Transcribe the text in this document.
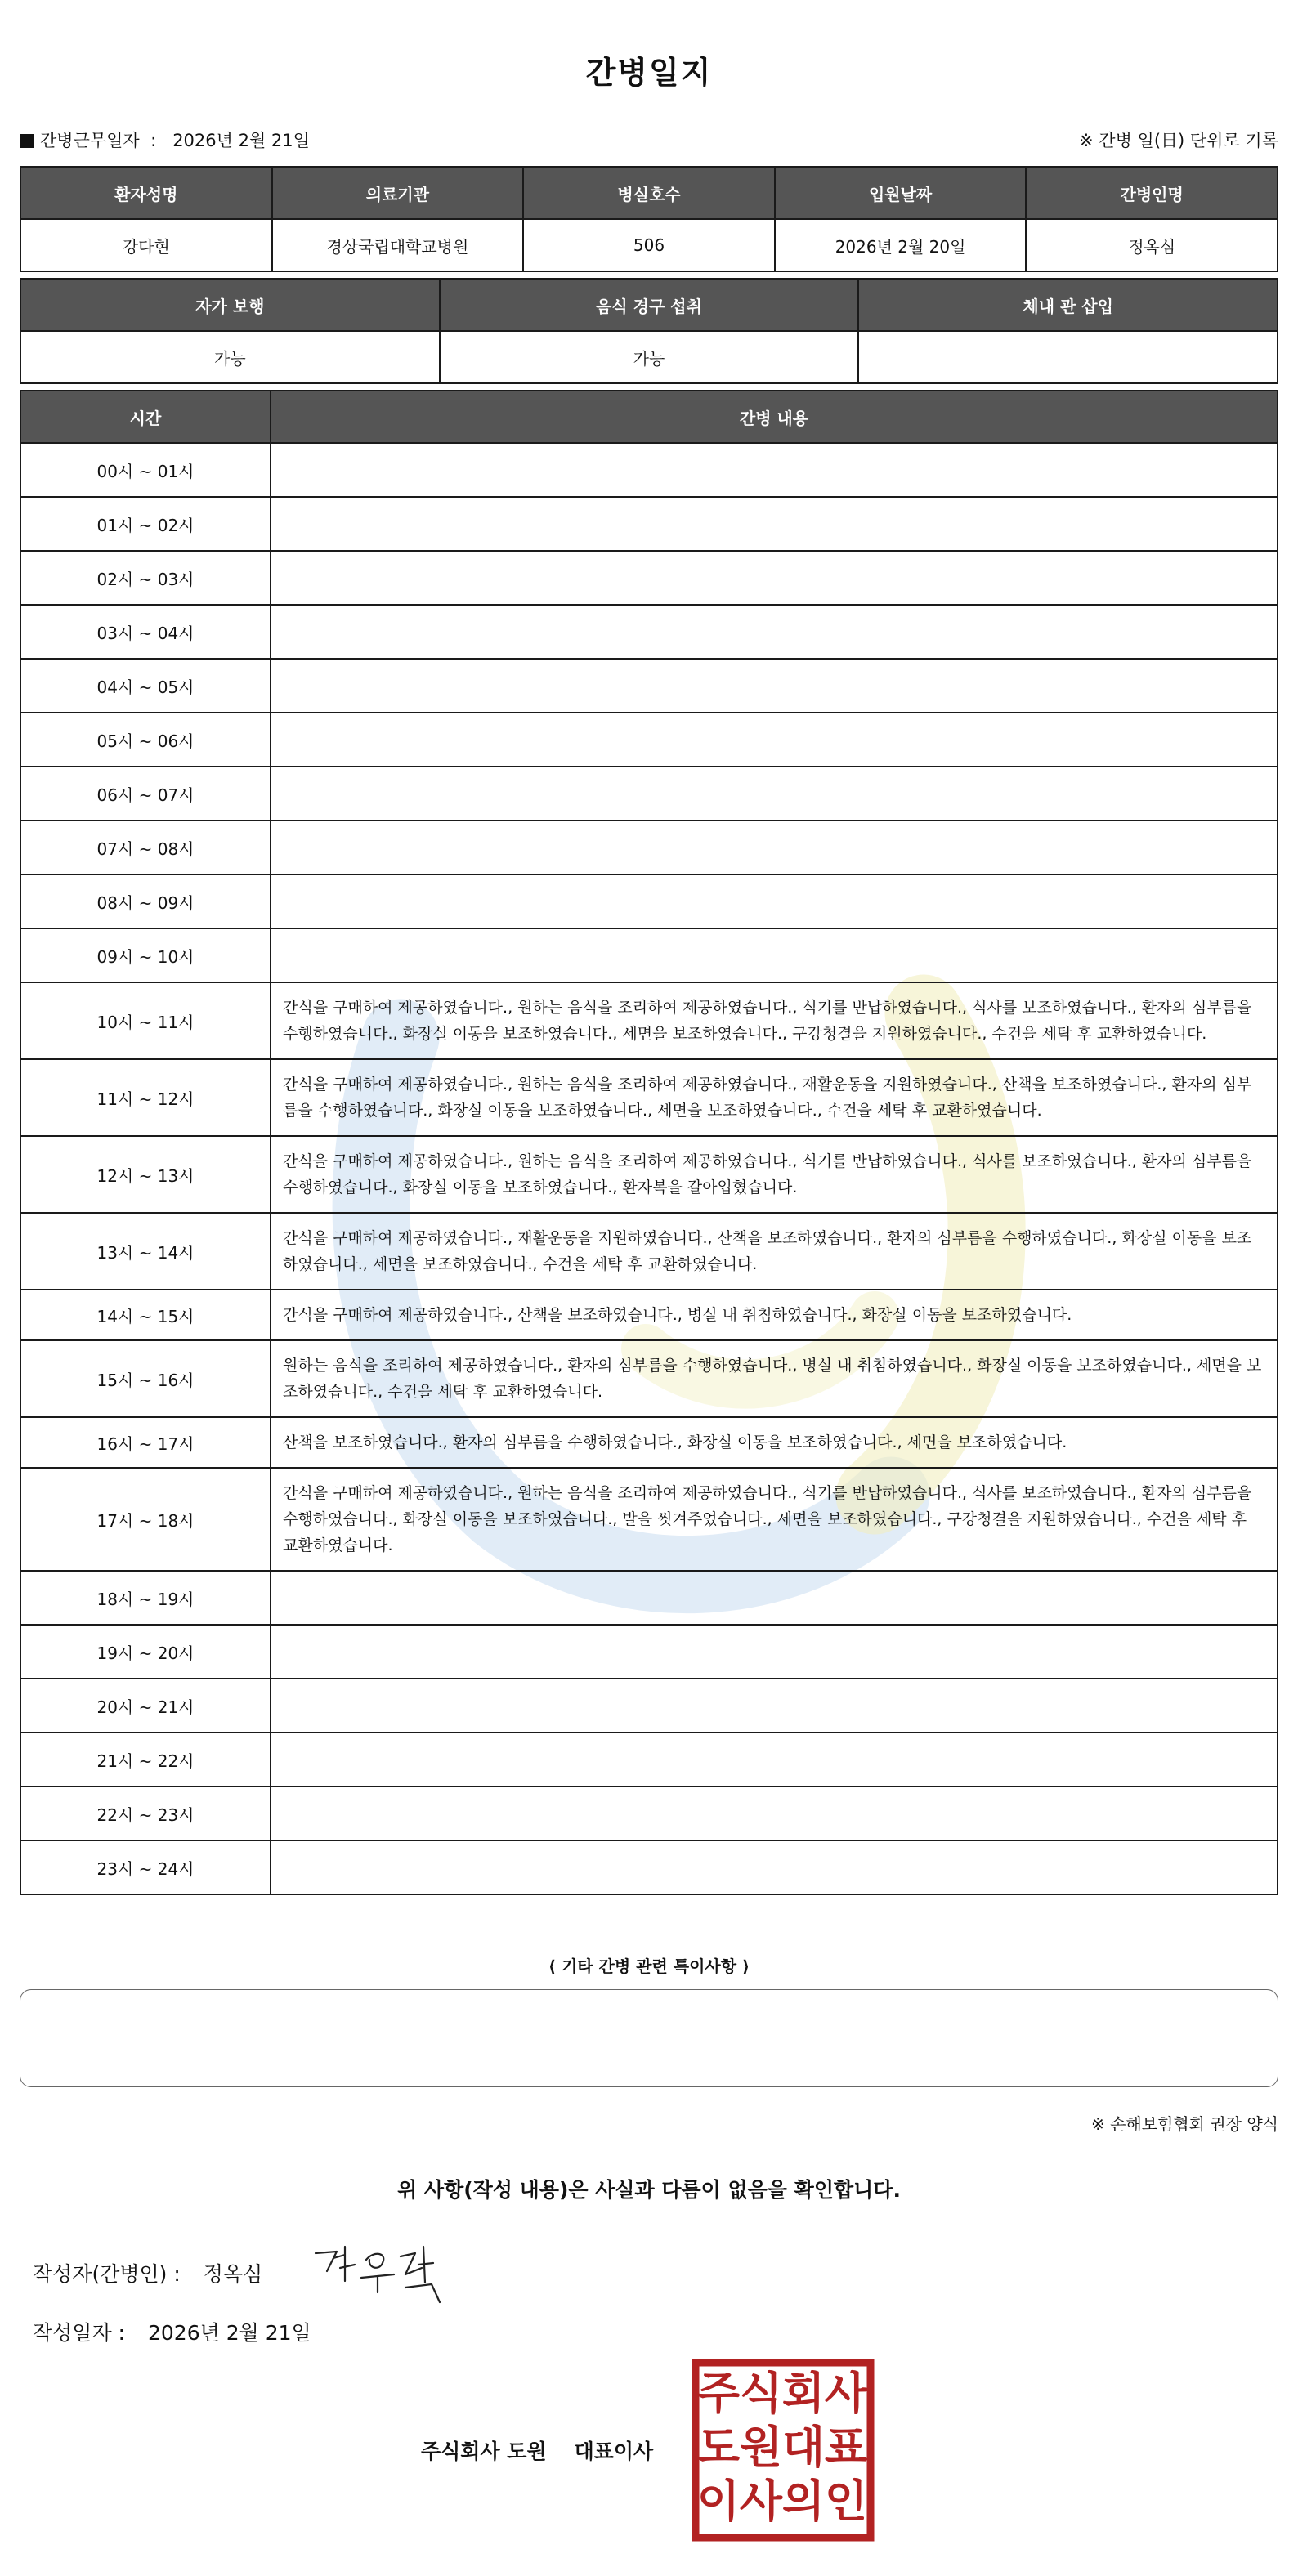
간병일지
간병근무일자 : 2026년 2월 21일	※ 간병 일(日) 단위로 기록
환자성명	의료기관	병실호수	입원날짜	간병인명
강다현	경상국립대학교병원	506	2026년 2월 20일	정옥심
자가 보행	음식 경구 섭취	체내 관 삽입
가능	가능	
시간	간병 내용
00시 ~ 01시	
01시 ~ 02시	
02시 ~ 03시	
03시 ~ 04시	
04시 ~ 05시	
05시 ~ 06시	
06시 ~ 07시	
07시 ~ 08시	
08시 ~ 09시	
09시 ~ 10시	
10시 ~ 11시	간식을 구매하여 제공하였습니다., 원하는 음식을 조리하여 제공하였습니다., 식기를 반납하였습니다., 식사를 보조하였습니다., 환자의 심부름을 수행하였습니다., 화장실 이동을 보조하였습니다., 세면을 보조하였습니다., 구강청결을 지원하였습니다., 수건을 세탁 후 교환하였습니다.
11시 ~ 12시	간식을 구매하여 제공하였습니다., 원하는 음식을 조리하여 제공하였습니다., 재활운동을 지원하였습니다., 산책을 보조하였습니다., 환자의 심부름을 수행하였습니다., 화장실 이동을 보조하였습니다., 세면을 보조하였습니다., 수건을 세탁 후 교환하였습니다.
12시 ~ 13시	간식을 구매하여 제공하였습니다., 원하는 음식을 조리하여 제공하였습니다., 식기를 반납하였습니다., 식사를 보조하였습니다., 환자의 심부름을 수행하였습니다., 화장실 이동을 보조하였습니다., 환자복을 갈아입혔습니다.
13시 ~ 14시	간식을 구매하여 제공하였습니다., 재활운동을 지원하였습니다., 산책을 보조하였습니다., 환자의 심부름을 수행하였습니다., 화장실 이동을 보조하였습니다., 세면을 보조하였습니다., 수건을 세탁 후 교환하였습니다.
14시 ~ 15시	간식을 구매하여 제공하였습니다., 산책을 보조하였습니다., 병실 내 취침하였습니다., 화장실 이동을 보조하였습니다.
15시 ~ 16시	원하는 음식을 조리하여 제공하였습니다., 환자의 심부름을 수행하였습니다., 병실 내 취침하였습니다., 화장실 이동을 보조하였습니다., 세면을 보조하였습니다., 수건을 세탁 후 교환하였습니다.
16시 ~ 17시	산책을 보조하였습니다., 환자의 심부름을 수행하였습니다., 화장실 이동을 보조하였습니다., 세면을 보조하였습니다.
17시 ~ 18시	간식을 구매하여 제공하였습니다., 원하는 음식을 조리하여 제공하였습니다., 식기를 반납하였습니다., 식사를 보조하였습니다., 환자의 심부름을 수행하였습니다., 화장실 이동을 보조하였습니다., 발을 씻겨주었습니다., 세면을 보조하였습니다., 구강청결을 지원하였습니다., 수건을 세탁 후 교환하였습니다.
18시 ~ 19시	
19시 ~ 20시	
20시 ~ 21시	
21시 ~ 22시	
22시 ~ 23시	
23시 ~ 24시	
⟨ 기타 간병 관련 특이사항 ⟩
※ 손해보험협회 권장 양식
위 사항(작성 내용)은 사실과 다름이 없음을 확인합니다.
작성자(간병인) : 정옥심
작성일자 : 2026년 2월 21일
주식회사 도원 대표이사
주 식 회 사
도 원 대 표
이 사 의 인
